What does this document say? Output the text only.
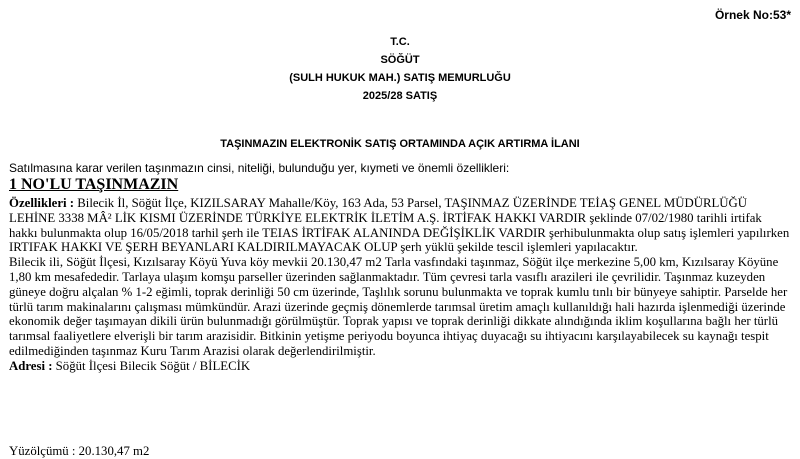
Örnek No:53*
T.C.
SÖĞÜT
(SULH HUKUK MAH.) SATIŞ MEMURLUĞU
2025/28 SATIŞ
TAŞINMAZIN ELEKTRONİK SATIŞ ORTAMINDA AÇIK ARTIRMA İLANI
Satılmasına karar verilen taşınmazın cinsi, niteliği, bulunduğu yer, kıymeti ve önemli özellikleri:
1 NO'LU TAŞINMAZIN

Özellikleri : Bilecik İl, Söğüt İlçe, KIZILSARAY Mahalle/Köy, 163 Ada, 53 Parsel, TAŞINMAZ ÜZERİNDE TEİAŞ GENEL MÜDÜRLÜĞÜ LEHİNE 3338 MÂ² LİK KISMI ÜZERİNDE TÜRKİYE ELEKTRİK İLETİM A.Ş. İRTİFAK HAKKI VARDIR şeklinde 07/02/1980 tarihli irtifak hakkı bulunmakta olup 16/05/2018 tarhil şerh ile TEIAS İRTİFAK ALANINDA DEĞİŞİKLİK VARDIR şerhibulunmakta olup satış işlemleri yapılırken IRTIFAK HAKKI VE ŞERH BEYANLARI KALDIRILMAYACAK OLUP şerh yüklü şekilde tescil işlemleri yapılacaktır.

Bilecik ili, Söğüt İlçesi, Kızılsaray Köyü Yuva köy mevkii 20.130,47 m2 Tarla vasfındaki taşınmaz, Söğüt ilçe merkezine 5,00 km, Kızılsaray Köyüne 1,80 km mesafededir. Tarlaya ulaşım komşu parseller üzerinden sağlanmaktadır. Tüm çevresi tarla vasıflı arazileri ile çevrilidir. Taşınmaz kuzeyden güneye doğru alçalan % 1-2 eğimli, toprak derinliği 50 cm üzerinde, Taşlılık sorunu bulunmakta ve toprak kumlu tınlı bir bünyeye sahiptir. Parselde her türlü tarım makinalarını çalışması mümkündür. Arazi üzerinde geçmiş dönemlerde tarımsal üretim amaçlı kullanıldığı hali hazırda işlenmediği üzerinde ekonomik değer taşımayan dikili ürün bulunmadığı görülmüştür. Toprak yapısı ve toprak derinliği dikkate alındığında iklim koşullarına bağlı her türlü tarımsal faaliyetlere elverişli bir tarım arazisidir. Bitkinin yetişme periyodu boyunca ihtiyaç duyacağı su ihtiyacını karşılayabilecek su kaynağı tespit edilmediğinden taşınmaz Kuru Tarım Arazisi olarak değerlendirilmiştir.

Adresi : Söğüt İlçesi Bilecik Söğüt / BİLECİK

Yüzölçümü : 20.130,47 m2
